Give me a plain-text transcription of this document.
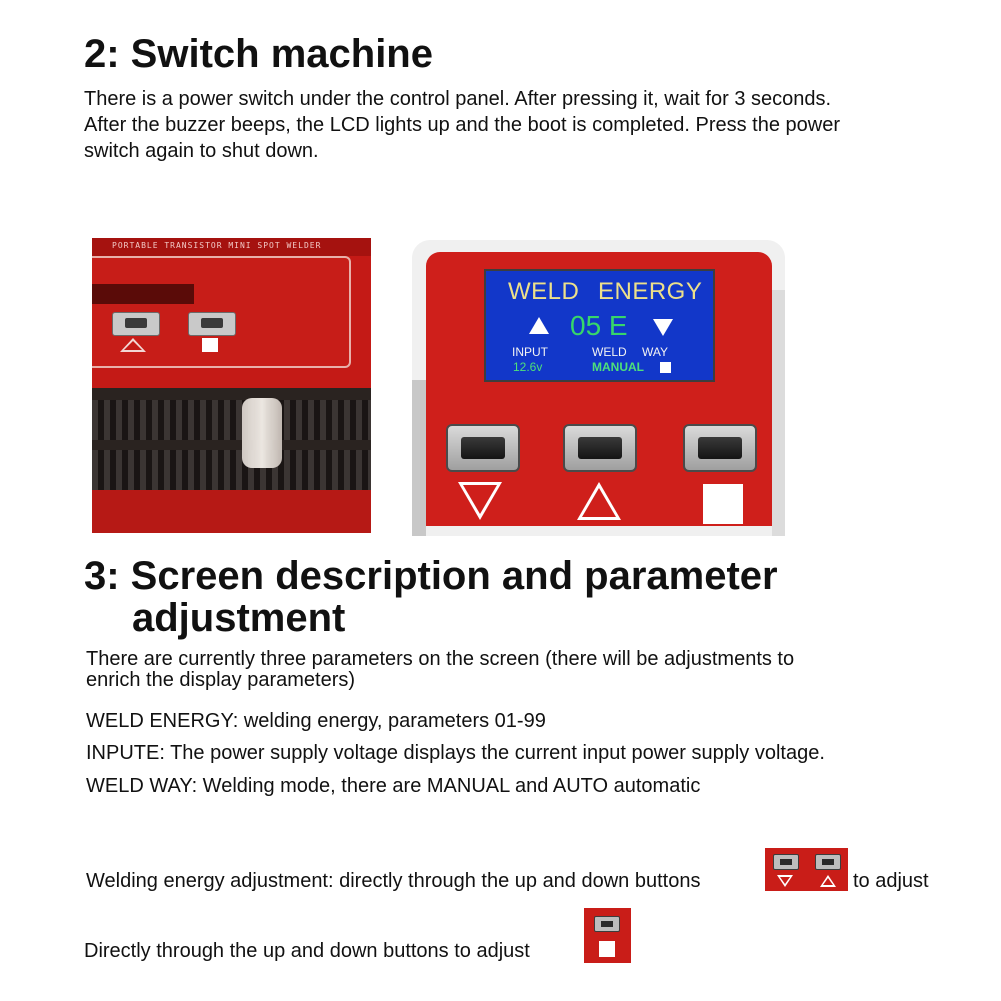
2: Switch machine
There is a power switch under the control panel. After pressing it, wait for 3 seconds.
After the buzzer beeps, the LCD lights up and the boot is completed. Press the power
switch again to shut down.
PORTABLE TRANSISTOR MINI SPOT WELDER
WELD ENERGY
05 E
INPUT
12.6v
WELD WAY
MANUAL
3: Screen description and parameter
adjustment
There are currently three parameters on the screen (there will be adjustments to
enrich the display parameters)
WELD ENERGY: welding energy, parameters 01-99
INPUTE: The power supply voltage displays the current input power supply voltage.
WELD WAY: Welding mode, there are MANUAL and AUTO automatic
Welding energy adjustment: directly through the up and down buttons	to adjust
Directly through the up and down buttons to adjust
